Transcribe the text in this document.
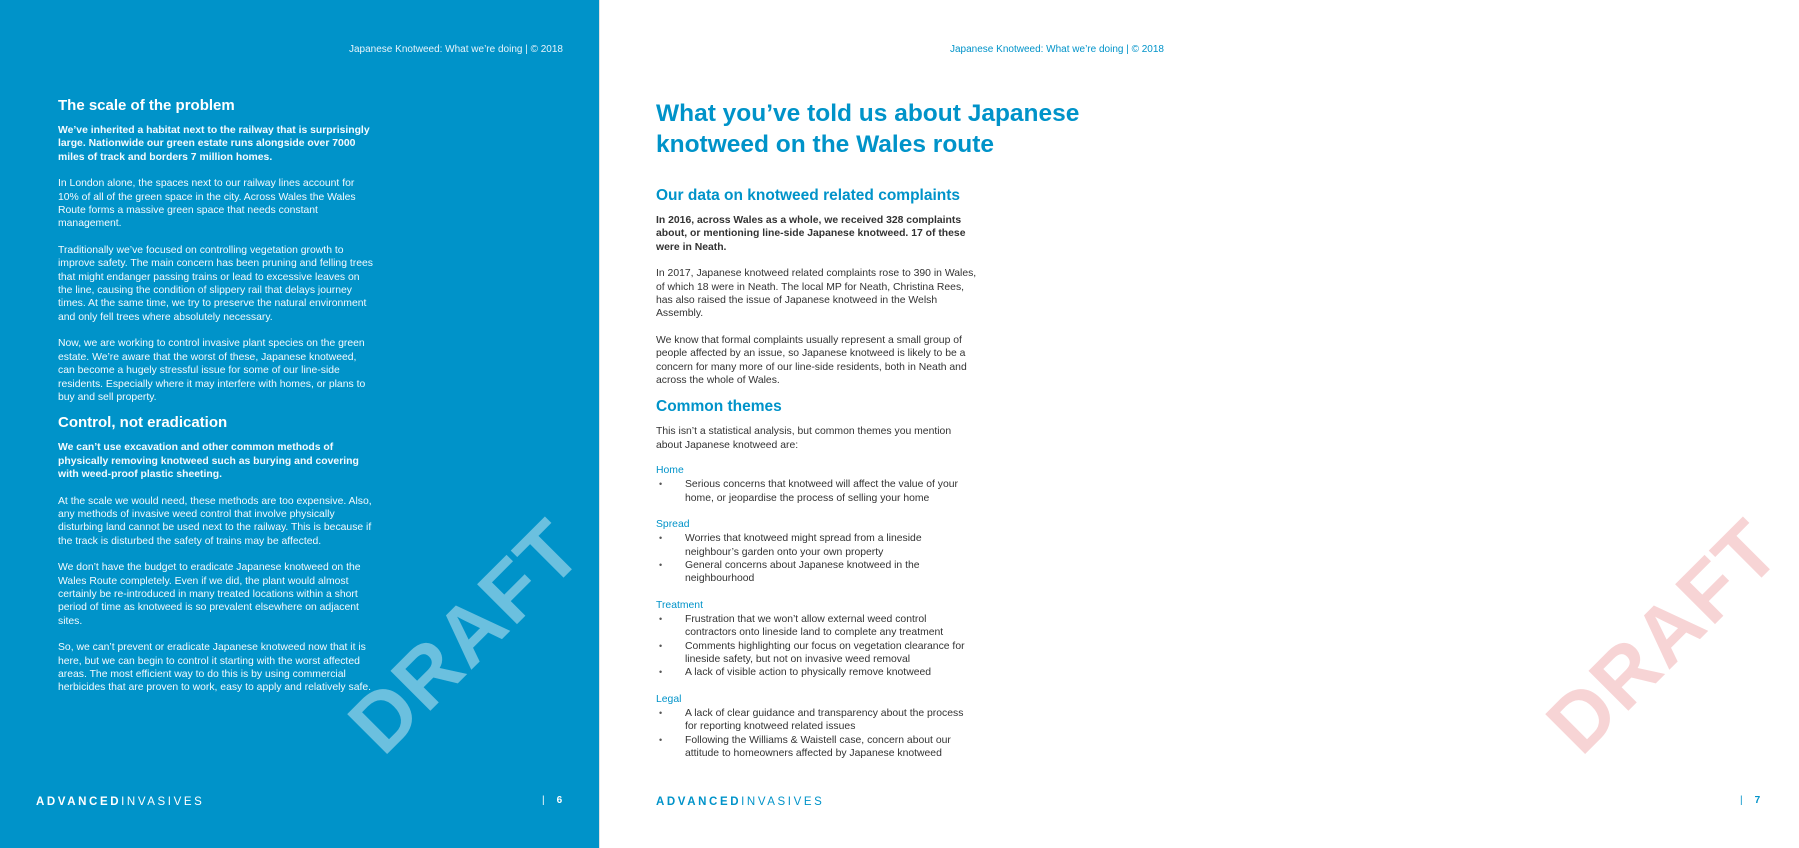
Japanese Knotweed: What we’re doing | © 2018
The scale of the problem

We’ve inherited a habitat next to the railway that is surprisingly large. Nationwide our green estate runs alongside over 7000 miles of track and borders 7 million homes.

In London alone, the spaces next to our railway lines account for 10% of all of the green space in the city. Across Wales the Wales Route forms a massive green space that needs constant management.

Traditionally we’ve focused on controlling vegetation growth to improve safety. The main concern has been pruning and felling trees that might endanger passing trains or lead to excessive leaves on the line, causing the condition of slippery rail that delays journey times. At the same time, we try to preserve the natural environment and only fell trees where absolutely necessary.

Now, we are working to control invasive plant species on the green estate. We’re aware that the worst of these, Japanese knotweed, can become a hugely stressful issue for some of our line-side residents. Especially where it may interfere with homes, or plans to buy and sell property.

Control, not eradication

We can’t use excavation and other common methods of physically removing knotweed such as burying and covering with weed-proof plastic sheeting.

At the scale we would need, these methods are too expensive. Also, any methods of invasive weed control that involve physically disturbing land cannot be used next to the railway. This is because if the track is disturbed the safety of trains may be affected.

We don’t have the budget to eradicate Japanese knotweed on the Wales Route completely. Even if we did, the plant would almost certainly be re-introduced in many treated locations within a short period of time as knotweed is so prevalent elsewhere on adjacent sites.

So, we can’t prevent or eradicate Japanese knotweed now that it is here, but we can begin to control it starting with the worst affected areas. The most efficient way to do this is by using commercial herbicides that are proven to work, easy to apply and relatively safe.

ADVANCEDINVASIVES	| 6
DRAFT
Japanese Knotweed: What we’re doing | © 2018
ADVANCEDINVASIVES	| 7
DRAFT
What you’ve told us about Japanese knotweed on the Wales route
Our data on knotweed related complaints

In 2016, across Wales as a whole, we received 328 complaints about, or mentioning line-side Japanese knotweed. 17 of these were in Neath.

In 2017, Japanese knotweed related complaints rose to 390 in Wales, of which 18 were in Neath. The local MP for Neath, Christina Rees, has also raised the issue of Japanese knotweed in the Welsh Assembly.

We know that formal complaints usually represent a small group of people affected by an issue, so Japanese knotweed is likely to be a concern for many more of our line-side residents, both in Neath and across the whole of Wales.

Common themes

This isn’t a statistical analysis, but common themes you mention about Japanese knotweed are:

Home
• Serious concerns that knotweed will affect the value of your home, or jeopardise the process of selling your home
Spread
• Worries that knotweed might spread from a lineside neighbour’s garden onto your own property
• General concerns about Japanese knotweed in the neighbourhood
Treatment
• Frustration that we won’t allow external weed control contractors onto lineside land to complete any treatment
• Comments highlighting our focus on vegetation clearance for lineside safety, but not on invasive weed removal
• A lack of visible action to physically remove knotweed
Legal
• A lack of clear guidance and transparency about the process for reporting knotweed related issues
• Following the Williams & Waistell case, concern about our attitude to homeowners affected by Japanese knotweed
